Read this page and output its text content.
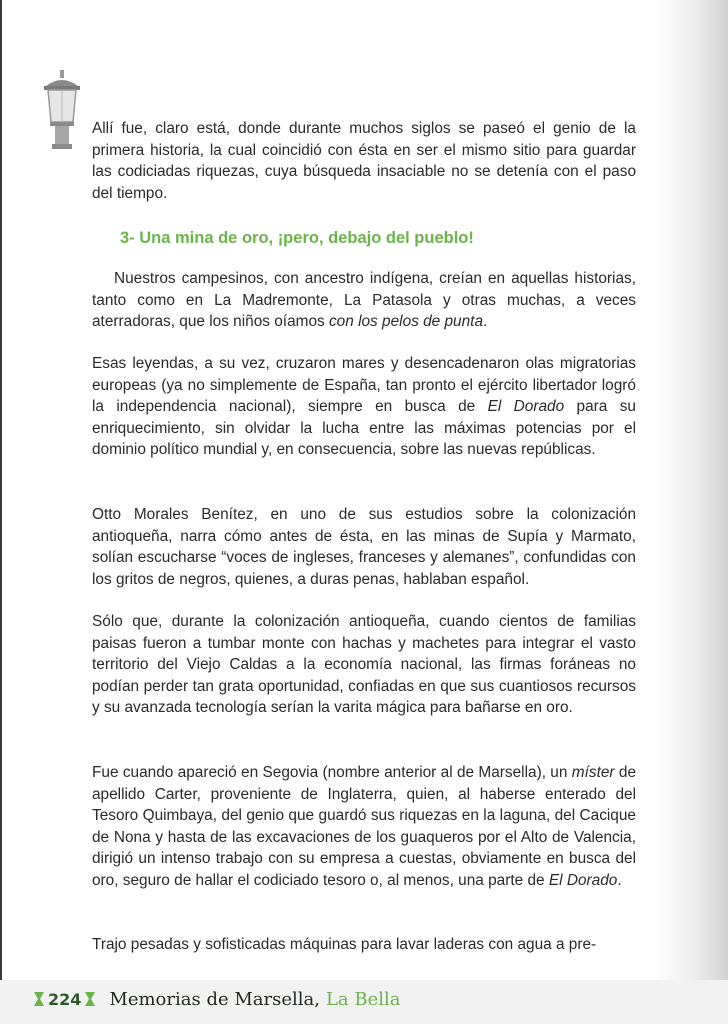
Allí fue, claro está, donde durante muchos siglos se paseó el genio de la primera historia, la cual coincidió con ésta en ser el mismo sitio para guardar las codiciadas riquezas, cuya búsqueda insaciable no se detenía con el paso del tiempo.

3- Una mina de oro, ¡pero, debajo del pueblo!

Nuestros campesinos, con ancestro indígena, creían en aquellas historias, tanto como en La Madremonte, La Patasola y otras muchas, a veces aterradoras, que los niños oíamos con los pelos de punta.

Esas leyendas, a su vez, cruzaron mares y desencadenaron olas migratorias europeas (ya no simplemente de España, tan pronto el ejército libertador logró la independencia nacional), siempre en busca de El Dorado para su enriquecimiento, sin olvidar la lucha entre las máximas potencias por el dominio político mundial y, en consecuencia, sobre las nuevas repúblicas.

Otto Morales Benítez, en uno de sus estudios sobre la colonización antioqueña, narra cómo antes de ésta, en las minas de Supía y Marmato, solían escucharse “voces de ingleses, franceses y alemanes”, confundidas con los gritos de negros, quienes, a duras penas, hablaban español.

Sólo que, durante la colonización antioqueña, cuando cientos de familias paisas fueron a tumbar monte con hachas y machetes para integrar el vasto territorio del Viejo Caldas a la economía nacional, las firmas foráneas no podían perder tan grata oportunidad, confiadas en que sus cuantiosos recursos y su avanzada tecnología serían la varita mágica para bañarse en oro.

Fue cuando apareció en Segovia (nombre anterior al de Marsella), un míster de apellido Carter, proveniente de Inglaterra, quien, al haberse enterado del Tesoro Quimbaya, del genio que guardó sus riquezas en la laguna, del Cacique de Nona y hasta de las excavaciones de los guaqueros por el Alto de Valencia, dirigió un intenso trabajo con su empresa a cuestas, obviamente en busca del oro, seguro de hallar el codiciado tesoro o, al menos, una parte de El Dorado.

Trajo pesadas y sofisticadas máquinas para lavar laderas con agua a pre-

224 Memorias de Marsella, La Bella
